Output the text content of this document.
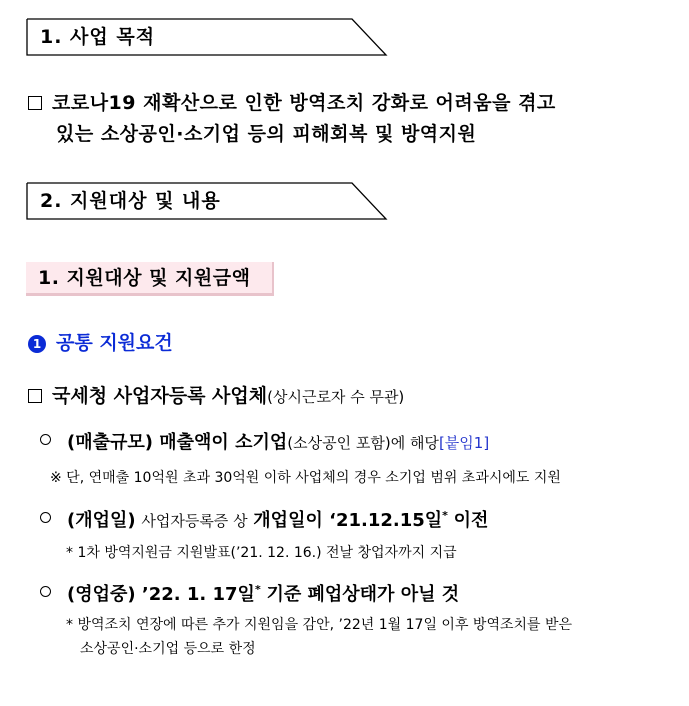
1. 사업 목적
코로나19 재확산으로 인한 방역조치 강화로 어려움을 겪고
있는 소상공인·소기업 등의 피해회복 및 방역지원
2. 지원대상 및 내용
1. 지원대상 및 지원금액
1 공통 지원요건
국세청 사업자등록 사업체(상시근로자 수 무관)
(매출규모) 매출액이 소기업(소상공인 포함)에 해당[붙임1]
※ 단, 연매출 10억원 초과 30억원 이하 사업체의 경우 소기업 범위 초과시에도 지원
(개업일) 사업자등록증 상 개업일이 ‘21.12.15일* 이전
* 1차 방역지원금 지원발표(’21. 12. 16.) 전날 창업자까지 지급
(영업중) ’22. 1. 17일* 기준 폐업상태가 아닐 것
* 방역조치 연장에 따른 추가 지원임을 감안, ’22년 1월 17일 이후 방역조치를 받은
소상공인·소기업 등으로 한정
